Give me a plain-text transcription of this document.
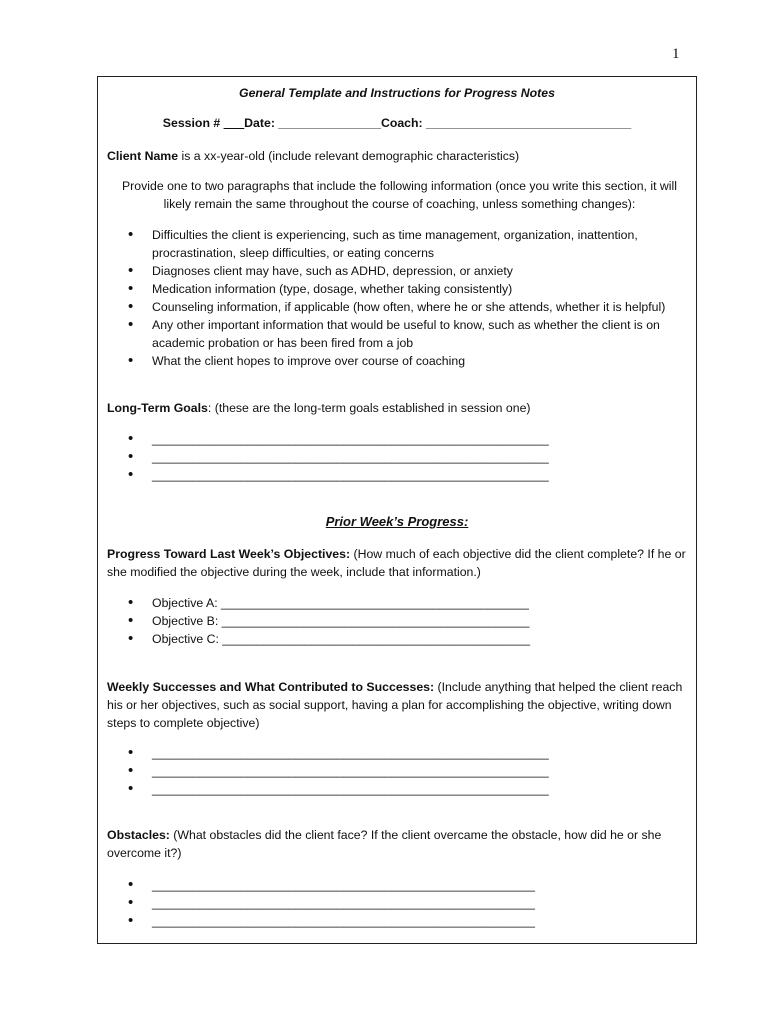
1
General Template and Instructions for Progress Notes
Session # ___Date: _______________Coach: ______________________________
Client Name is a xx-year-old (include relevant demographic characteristics)
Provide one to two paragraphs that include the following information (once you write this section, it will likely remain the same throughout the course of coaching, unless something changes):
• Difficulties the client is experiencing, such as time management, organization, inattention, procrastination, sleep difficulties, or eating concerns
• Diagnoses client may have, such as ADHD, depression, or anxiety
• Medication information (type, dosage, whether taking consistently)
• Counseling information, if applicable (how often, where he or she attends, whether it is helpful)
• Any other important information that would be useful to know, such as whether the client is on academic probation or has been fired from a job
• What the client hopes to improve over course of coaching
Long-Term Goals: (these are the long-term goals established in session one)
• __________________________________________________________
• __________________________________________________________
• __________________________________________________________
Prior Week’s Progress:
Progress Toward Last Week’s Objectives: (How much of each objective did the client complete? If he or she modified the objective during the week, include that information.)
• Objective A: _____________________________________________
• Objective B: _____________________________________________
• Objective C: _____________________________________________
Weekly Successes and What Contributed to Successes: (Include anything that helped the client reach his or her objectives, such as social support, having a plan for accomplishing the objective, writing down steps to complete objective)
• __________________________________________________________
• __________________________________________________________
• __________________________________________________________
Obstacles: (What obstacles did the client face? If the client overcame the obstacle, how did he or she overcome it?)
• ________________________________________________________
• ________________________________________________________
• ________________________________________________________
